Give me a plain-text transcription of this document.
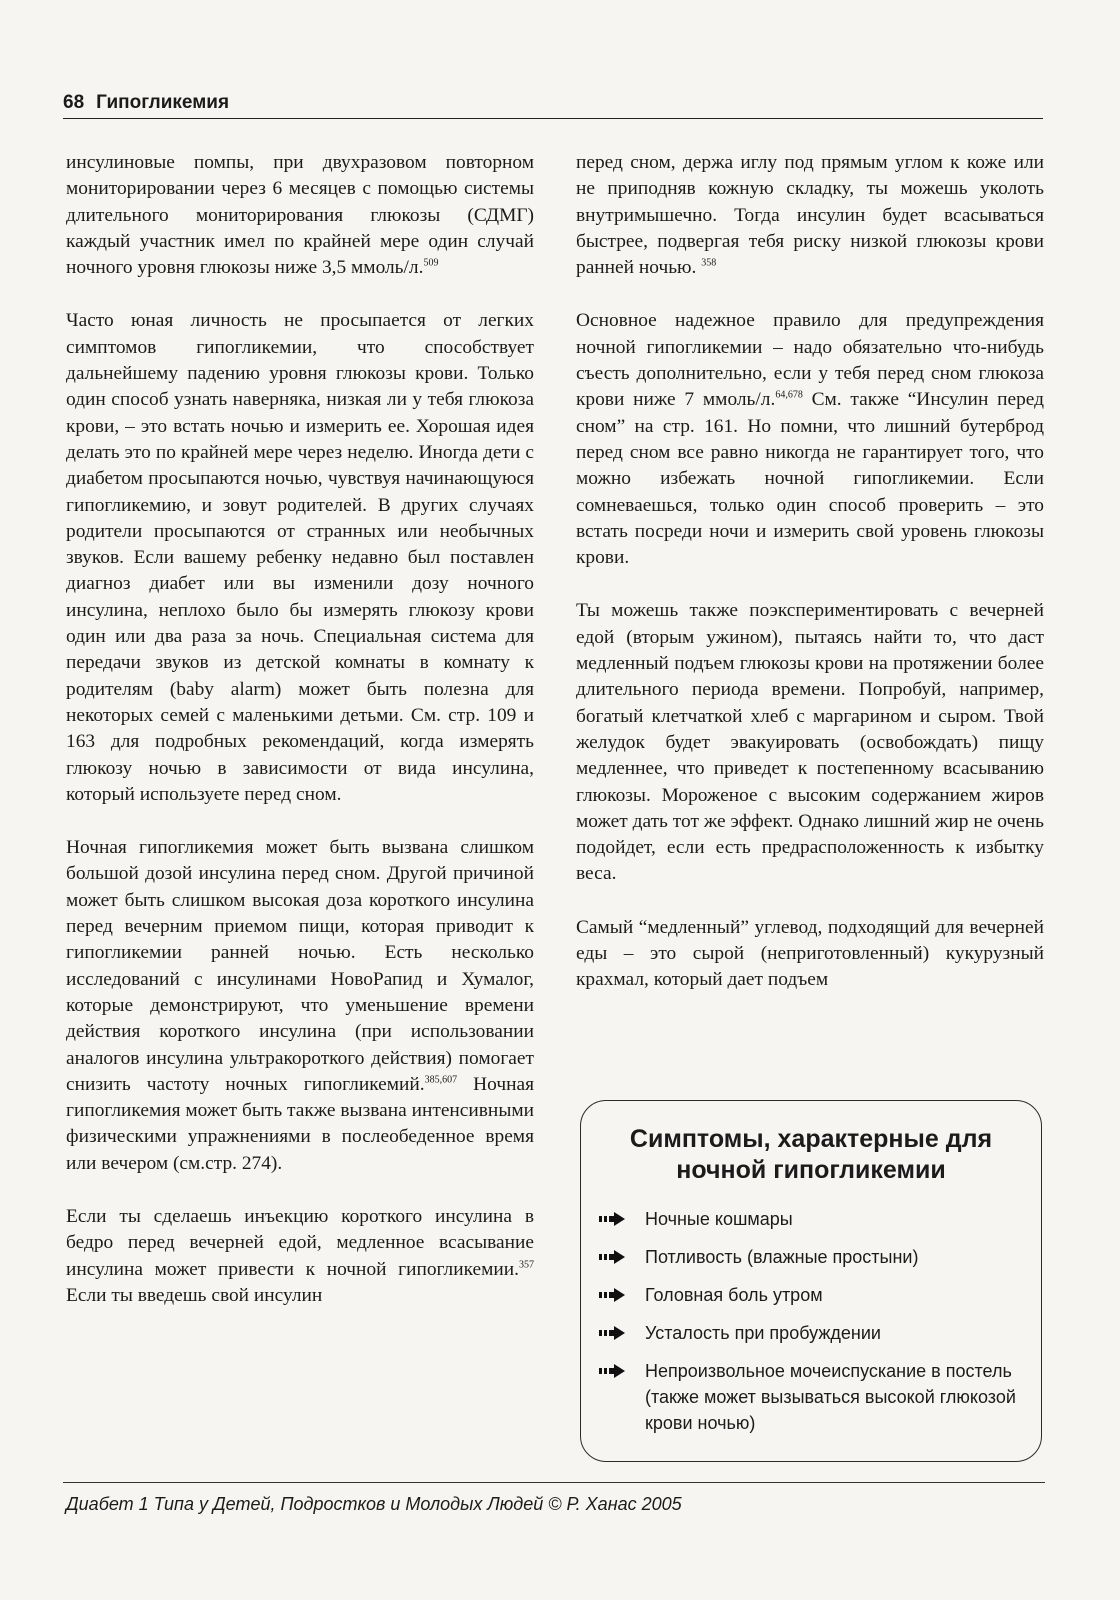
68 Гипогликемия

инсулиновые помпы, при двухразовом повторном мониторировании через 6 месяцев с помощью системы длительного мониторирования глюкозы (СДМГ) каждый участник имел по крайней мере один случай ночного уровня глюкозы ниже 3,5 ммоль/л.$^{509}$

Часто юная личность не просыпается от легких симптомов гипогликемии, что способствует дальнейшему падению уровня глюкозы крови. Только один способ узнать наверняка, низкая ли у тебя глюкоза крови, – это встать ночью и измерить ее. Хорошая идея делать это по крайней мере через неделю. Иногда дети с диабетом просыпаются ночью, чувствуя начинающуюся гипогликемию, и зовут родителей. В других случаях родители просыпаются от странных или необычных звуков. Если вашему ребенку недавно был поставлен диагноз диабет или вы изменили дозу ночного инсулина, неплохо было бы измерять глюкозу крови один или два раза за ночь. Специальная система для передачи звуков из детской комнаты в комнату к родителям (baby alarm) может быть полезна для некоторых семей с маленькими детьми. См. стр. 109 и 163 для подробных рекомендаций, когда измерять глюкозу ночью в зависимости от вида инсулина, который используете перед сном.

Ночная гипогликемия может быть вызвана слишком большой дозой инсулина перед сном. Другой причиной может быть слишком высокая доза короткого инсулина перед вечерним приемом пищи, которая приводит к гипогликемии ранней ночью. Есть несколько исследований с инсулинами НовоРапид и Хумалог, которые демонстрируют, что уменьшение времени действия короткого инсулина (при использовании аналогов инсулина ультракороткого действия) помогает снизить частоту ночных гипогликемий.$^{385,607}$ Ночная гипогликемия может быть также вызвана интенсивными физическими упражнениями в послеобеденное время или вечером (см.стр. 274).

Если ты сделаешь инъекцию короткого инсулина в бедро перед вечерней едой, медленное всасывание инсулина может привести к ночной гипогликемии.$^{357}$ Если ты введешь свой инсулин

перед сном, держа иглу под прямым углом к коже или не приподняв кожную складку, ты можешь уколоть внутримышечно. Тогда инсулин будет всасываться быстрее, подвергая тебя риску низкой глюкозы крови ранней ночью. $^{358}$

Основное надежное правило для предупреждения ночной гипогликемии – надо обязательно что-нибудь съесть дополнительно, если у тебя перед сном глюкоза крови ниже 7 ммоль/л.$^{64,678}$ См. также “Инсулин перед сном” на стр. 161. Но помни, что лишний бутерброд перед сном все равно никогда не гарантирует того, что можно избежать ночной гипогликемии. Если сомневаешься, только один способ проверить – это встать посреди ночи и измерить свой уровень глюкозы крови.

Ты можешь также поэкспериментировать с вечерней едой (вторым ужином), пытаясь найти то, что даст медленный подъем глюкозы крови на протяжении более длительного периода времени. Попробуй, например, богатый клетчаткой хлеб с маргарином и сыром. Твой желудок будет эвакуировать (освобождать) пищу медленнее, что приведет к постепенному всасыванию глюкозы. Мороженое с высоким содержанием жиров может дать тот же эффект. Однако лишний жир не очень подойдет, если есть предрасположенность к избытку веса.

Самый “медленный” углевод, подходящий для вечерней еды – это сырой (неприготовленный) кукурузный крахмал, который дает подъем

Симптомы, характерные для
ночной гипогликемии
Ночные кошмары
Потливость (влажные простыни)
Головная боль утром
Усталость при пробуждении
Непроизвольное мочеиспускание в постель (также может вызываться высокой глюкозой крови ночью)
Диабет 1 Типа у Детей, Подростков и Молодых Людей © Р. Ханас 2005
